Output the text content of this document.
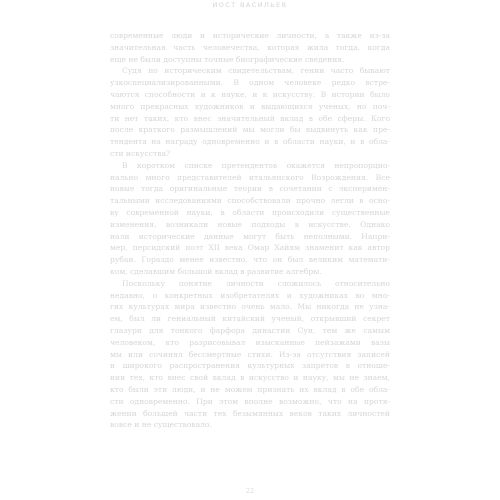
ИОСТ ВАСИЛЬЕВ
современные люди и исторические личности, а также из-за
значительная часть человечества, которая жила тогда, когда
еще не были доступны точные биографические сведения.
Судя по историческим свидетельствам, гении часто бывают
узкоспециализированными. В одном человеке редко встре-
чаются способности и к науке, и к искусству. В истории было
много прекрасных художников и выдающихся ученых, но поч-
ти нет таких, кто внес значительный вклад в обе сферы. Кого
после краткого размышлений мы могли бы выдвинуть как пре-
тендента на награду одновременно и в области науки, и в обла-
сти искусства?
В коротком списке претендентов окажется непропорцио-
нально много представителей итальянского Возрождения. Все
новые тогда оригинальные теории в сочетании с эксперимен-
тальными исследованиями способствовали прочно легли в осно-
ву современной науки, в области происходили существенные
изменения, возникали новые подходы в искусстве. Однако
нали исторические данные могут быть неполными. Напри-
мер, персидский поэт XII века Омар Хайям знаменит как автор
рубаи. Гораздо менее известно, что он был великим математи-
ком, сделавшим большой вклад в развитие алгебры.
Поскольку понятие личности сложилось относительно
недавно, о конкретных изобретателях и художниках во мно-
гих культурах мира известно очень мало. Мы никогда не узна-
ем, был ли гениальный китайский ученый, открывший секрет
глазури для тонкого фарфора династии Сун, тем же самым
человеком, кто разрисовывал изысканные пейзажами вазы
мы или сочинял бессмертные стихи. Из-за отсутствия записей
и широкого распространения культурных запретов в отноше-
нии тех, кто внес свой вклад в искусство и науку, мы не знаем,
кто были эти люди, и не можем признать их вклад в обе обла-
сти одновременно. При этом вполне возможно, что на протя-
жении большей части тех безымянных веков таких личностей
вовсе и не существовало.
22
